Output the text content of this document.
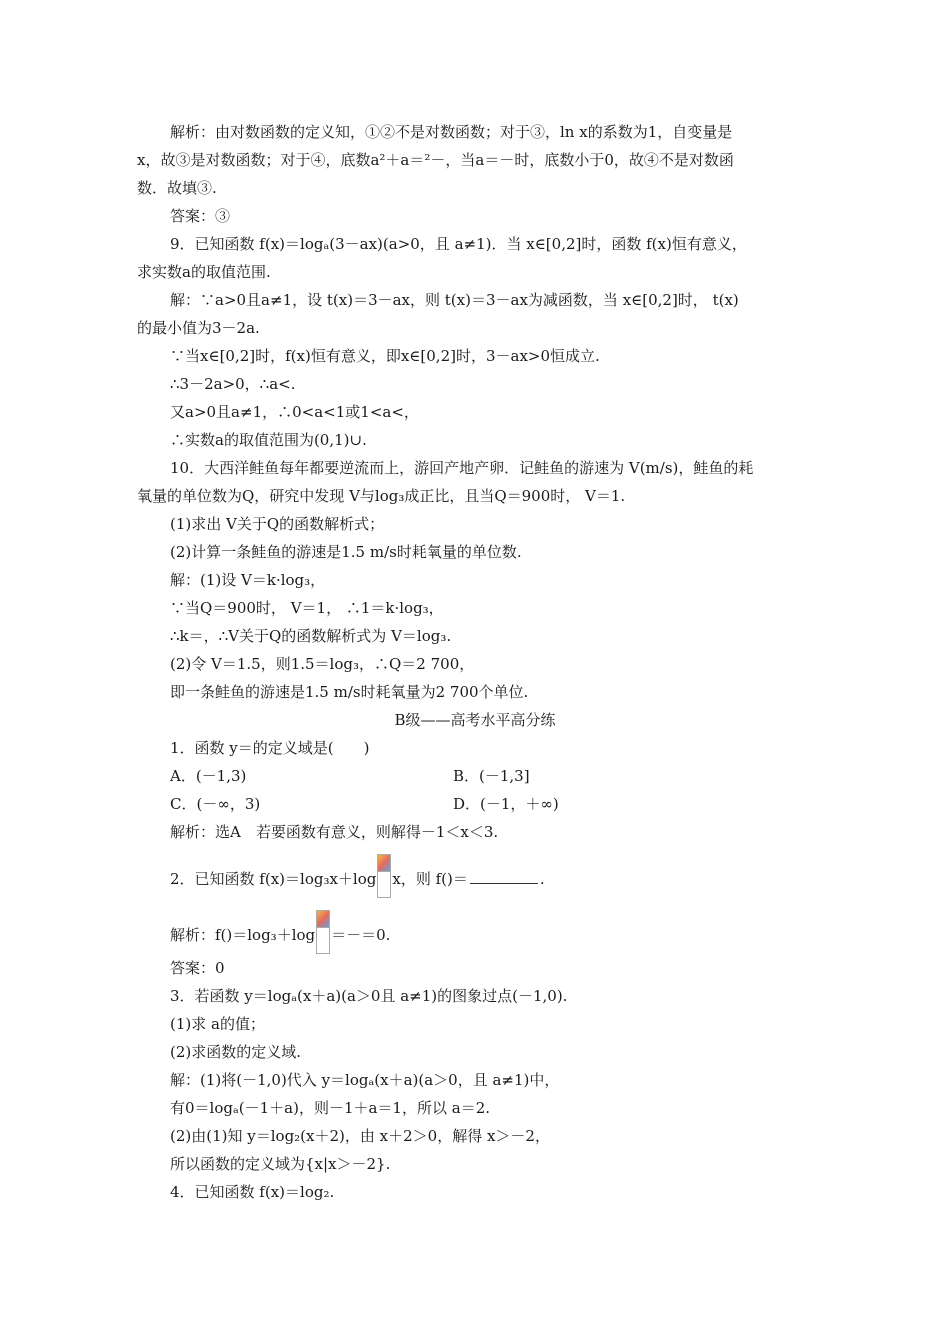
解析：由对数函数的定义知，①②不是对数函数；对于③，ln x的系数为1，自变量是
x，故③是对数函数；对于④，底数a²＋a＝²－，当a＝－时，底数小于0，故④不是对数函
数．故填③.
答案：③
9．已知函数 f(x)＝logₐ(3－ax)(a>0，且 a≠1)．当 x∈[0,2]时，函数 f(x)恒有意义，
求实数a的取值范围.
解：∵a>0且a≠1，设 t(x)＝3－ax，则 t(x)＝3－ax为减函数，当 x∈[0,2]时， t(x)
的最小值为3－2a.
∵当x∈[0,2]时，f(x)恒有意义，即x∈[0,2]时，3－ax>0恒成立.
∴3－2a>0，∴a<.
又a>0且a≠1，∴0<a<1或1<a<，
∴实数a的取值范围为(0,1)∪.
10．大西洋鲑鱼每年都要逆流而上，游回产地产卵．记鲑鱼的游速为 V(m/s)，鲑鱼的耗
氧量的单位数为Q，研究中发现 V与log₃成正比，且当Q＝900时， V＝1.
(1)求出 V关于Q的函数解析式；
(2)计算一条鲑鱼的游速是1.5 m/s时耗氧量的单位数.
解：(1)设 V＝k·log₃，
∵当Q＝900时， V＝1， ∴1＝k·log₃，
∴k＝，∴V关于Q的函数解析式为 V＝log₃.
(2)令 V＝1.5，则1.5＝log₃，∴Q＝2 700，
即一条鲑鱼的游速是1.5 m/s时耗氧量为2 700个单位.
1．函数 y＝的定义域是(　　)
解析：选A　若要函数有意义，则解得－1＜x＜3.
答案：0
3．若函数 y＝logₐ(x＋a)(a＞0且 a≠1)的图象过点(－1,0).
(1)求 a的值；
(2)求函数的定义域.
解：(1)将(－1,0)代入 y＝logₐ(x＋a)(a＞0，且 a≠1)中，
有0＝logₐ(－1＋a)，则－1＋a＝1，所以 a＝2.
(2)由(1)知 y＝log₂(x＋2)，由 x＋2＞0，解得 x＞－2，
所以函数的定义域为{x|x＞－2}.
4．已知函数 f(x)＝log₂.
B级——高考水平高分练
A．(－1,3)	B．(－1,3]
C．(－∞，3)	D．(－1，＋∞)
2．已知函数 f(x)＝log₃x＋log x，则 f()＝	.
解析：f()＝log₃＋log ＝－＝0.
